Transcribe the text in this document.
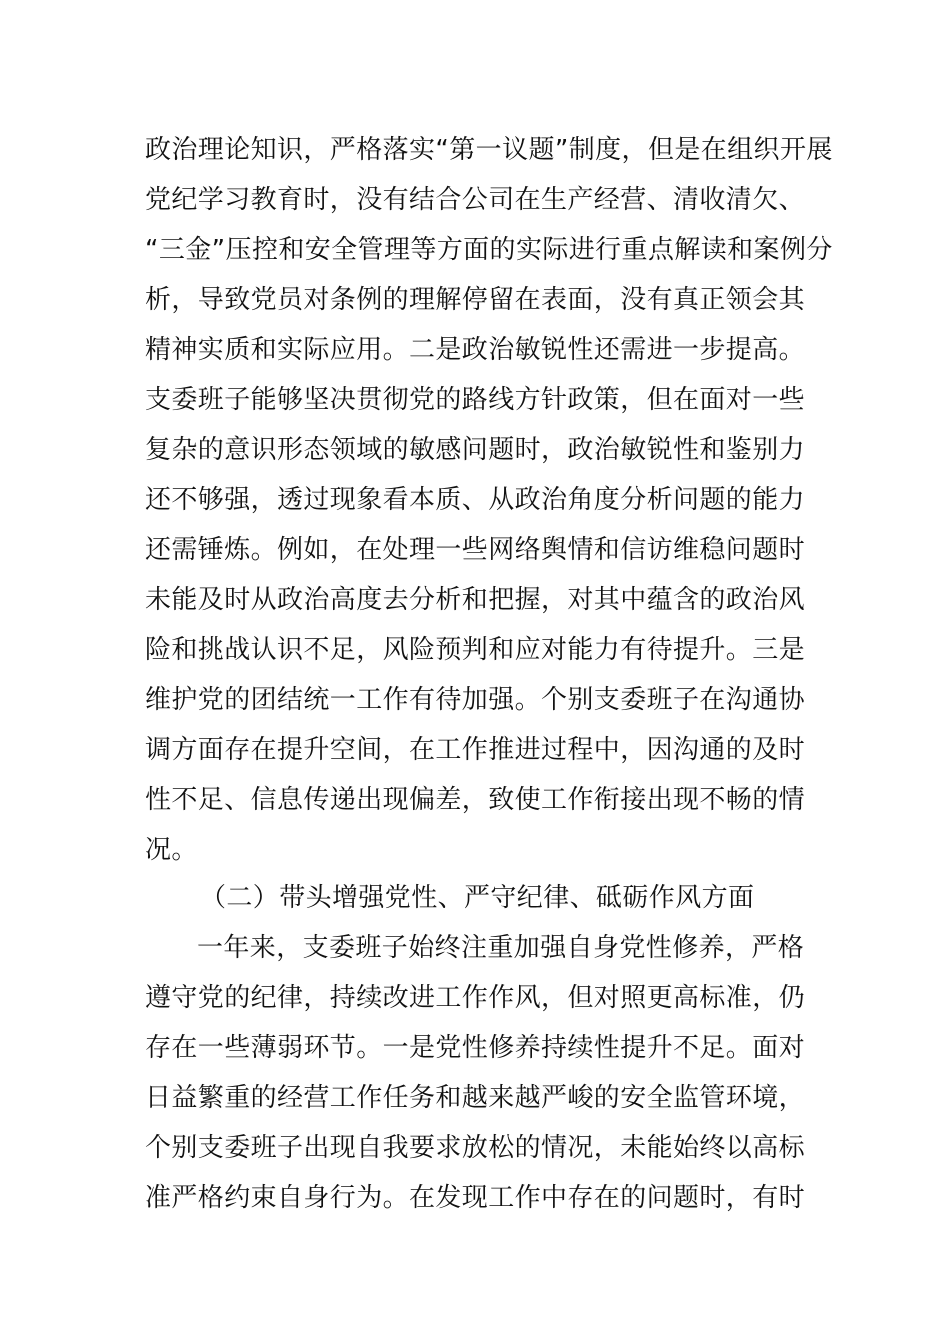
政治理论知识，严格落实“第一议题”制度，但是在组织开展
党纪学习教育时，没有结合公司在生产经营、清收清欠、
“三金”压控和安全管理等方面的实际进行重点解读和案例分
析，导致党员对条例的理解停留在表面，没有真正领会其
精神实质和实际应用。二是政治敏锐性还需进一步提高。
支委班子能够坚决贯彻党的路线方针政策，但在面对一些
复杂的意识形态领域的敏感问题时，政治敏锐性和鉴别力
还不够强，透过现象看本质、从政治角度分析问题的能力
还需锤炼。例如，在处理一些网络舆情和信访维稳问题时
未能及时从政治高度去分析和把握，对其中蕴含的政治风
险和挑战认识不足，风险预判和应对能力有待提升。三是
维护党的团结统一工作有待加强。个别支委班子在沟通协
调方面存在提升空间，在工作推进过程中，因沟通的及时
性不足、信息传递出现偏差，致使工作衔接出现不畅的情
况。
（二）带头增强党性、严守纪律、砥砺作风方面
一年来，支委班子始终注重加强自身党性修养，严格
遵守党的纪律，持续改进工作作风，但对照更高标准，仍
存在一些薄弱环节。一是党性修养持续性提升不足。面对
日益繁重的经营工作任务和越来越严峻的安全监管环境，
个别支委班子出现自我要求放松的情况，未能始终以高标
准严格约束自身行为。在发现工作中存在的问题时，有时
